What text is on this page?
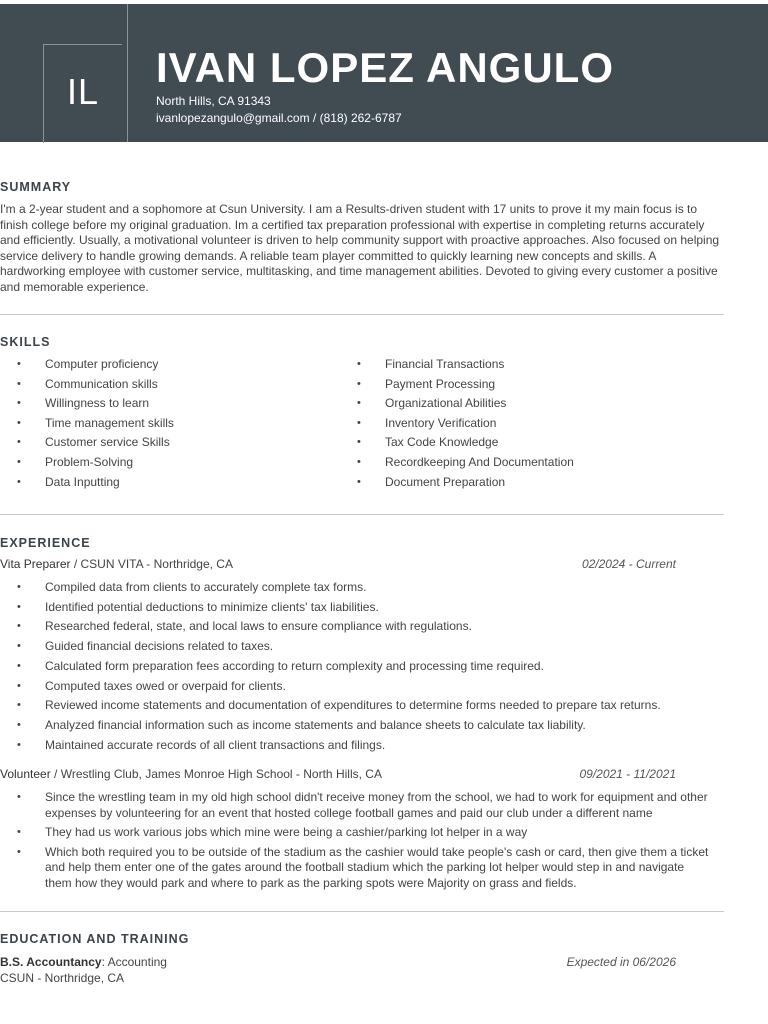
IL
IVAN LOPEZ ANGULO
North Hills, CA 91343
ivanlopezangulo@gmail.com / (818) 262-6787
SUMMARY
I'm a 2-year student and a sophomore at Csun University. I am a Results-driven student with 17 units to prove it my main focus is to finish college before my original graduation. Im a certified tax preparation professional with expertise in completing returns accurately and efficiently. Usually, a motivational volunteer is driven to help community support with proactive approaches. Also focused on helping service delivery to handle growing demands. A reliable team player committed to quickly learning new concepts and skills. A hardworking employee with customer service, multitasking, and time management abilities. Devoted to giving every customer a positive and memorable experience.
SKILLS
• Computer proficiency
• Communication skills
• Willingness to learn
• Time management skills
• Customer service Skills
• Problem-Solving
• Data Inputting
• Financial Transactions
• Payment Processing
• Organizational Abilities
• Inventory Verification
• Tax Code Knowledge
• Recordkeeping And Documentation
• Document Preparation
EXPERIENCE
Vita Preparer / CSUN VITA - Northridge, CA	02/2024 - Current
• Compiled data from clients to accurately complete tax forms.
• Identified potential deductions to minimize clients' tax liabilities.
• Researched federal, state, and local laws to ensure compliance with regulations.
• Guided financial decisions related to taxes.
• Calculated form preparation fees according to return complexity and processing time required.
• Computed taxes owed or overpaid for clients.
• Reviewed income statements and documentation of expenditures to determine forms needed to prepare tax returns.
• Analyzed financial information such as income statements and balance sheets to calculate tax liability.
• Maintained accurate records of all client transactions and filings.
Volunteer / Wrestling Club, James Monroe High School - North Hills, CA	09/2021 - 11/2021
• Since the wrestling team in my old high school didn't receive money from the school, we had to work for equipment and other expenses by volunteering for an event that hosted college football games and paid our club under a different name
• They had us work various jobs which mine were being a cashier/parking lot helper in a way
• Which both required you to be outside of the stadium as the cashier would take people's cash or card, then give them a ticket and help them enter one of the gates around the football stadium which the parking lot helper would step in and navigate them how they would park and where to park as the parking spots were Majority on grass and fields.
EDUCATION AND TRAINING
B.S. Accountancy: Accounting	Expected in 06/2026
CSUN - Northridge, CA
